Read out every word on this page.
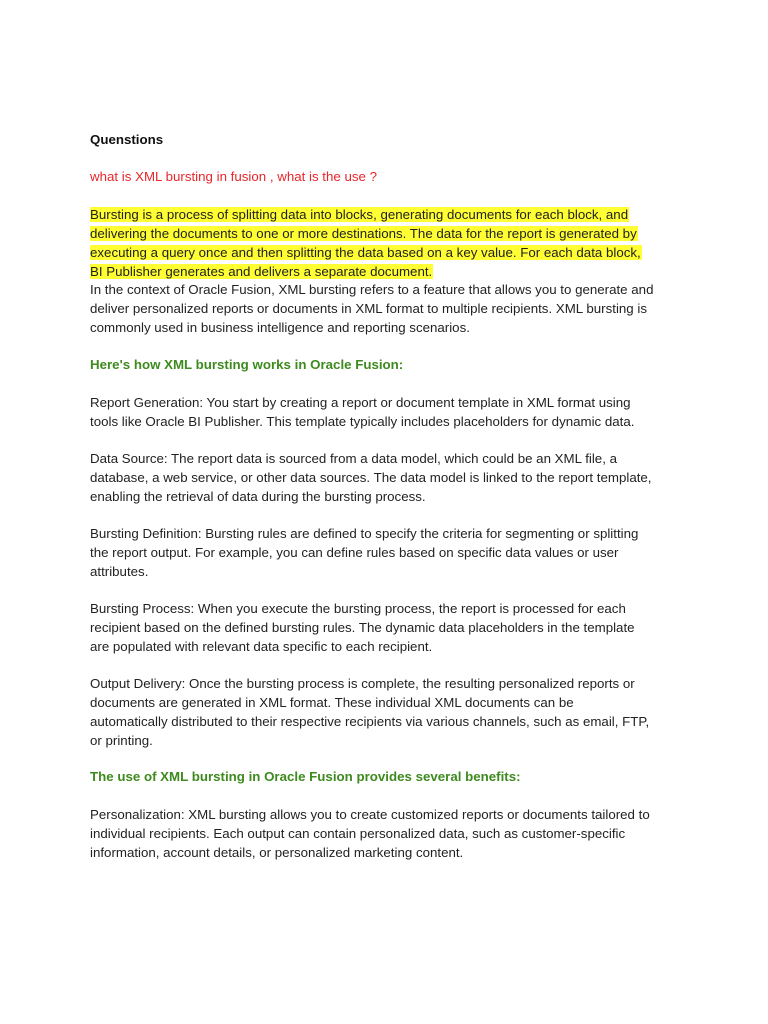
Quenstions
what is XML bursting in fusion , what is the use ?
Bursting is a process of splitting data into blocks, generating documents for each block, and
delivering the documents to one or more destinations. The data for the report is generated by
executing a query once and then splitting the data based on a key value. For each data block,
BI Publisher generates and delivers a separate document.
In the context of Oracle Fusion, XML bursting refers to a feature that allows you to generate and
deliver personalized reports or documents in XML format to multiple recipients. XML bursting is
commonly used in business intelligence and reporting scenarios.
Here's how XML bursting works in Oracle Fusion:
Report Generation: You start by creating a report or document template in XML format using
tools like Oracle BI Publisher. This template typically includes placeholders for dynamic data.
Data Source: The report data is sourced from a data model, which could be an XML file, a
database, a web service, or other data sources. The data model is linked to the report template,
enabling the retrieval of data during the bursting process.
Bursting Definition: Bursting rules are defined to specify the criteria for segmenting or splitting
the report output. For example, you can define rules based on specific data values or user
attributes.
Bursting Process: When you execute the bursting process, the report is processed for each
recipient based on the defined bursting rules. The dynamic data placeholders in the template
are populated with relevant data specific to each recipient.
Output Delivery: Once the bursting process is complete, the resulting personalized reports or
documents are generated in XML format. These individual XML documents can be
automatically distributed to their respective recipients via various channels, such as email, FTP,
or printing.
The use of XML bursting in Oracle Fusion provides several benefits:
Personalization: XML bursting allows you to create customized reports or documents tailored to
individual recipients. Each output can contain personalized data, such as customer-specific
information, account details, or personalized marketing content.
